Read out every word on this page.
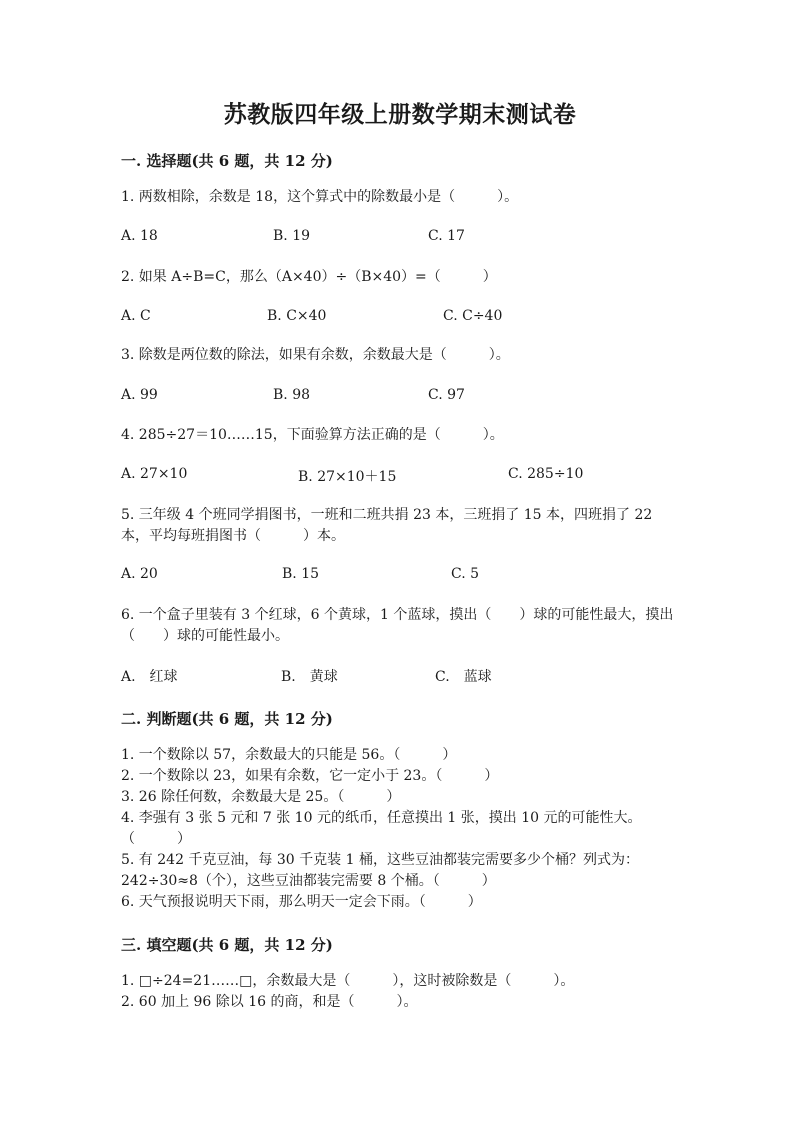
苏教版四年级上册数学期末测试卷
一. 选择题(共 6 题，共 12 分)
1. 两数相除，余数是 18，这个算式中的除数最小是（　　　）。
A. 18	B. 19	C. 17
2. 如果 A÷B=C，那么（A×40）÷（B×40）=（　　　）
A. C	B. C×40	C. C÷40
3. 除数是两位数的除法，如果有余数，余数最大是（　　　）。
A. 99	B. 98	C. 97
4. 285÷27＝10……15，下面验算方法正确的是（　　　）。
A. 27×10	B. 27×10＋15	C. 285÷10
5. 三年级 4 个班同学捐图书，一班和二班共捐 23 本，三班捐了 15 本，四班捐了 22 本，平均每班捐图书（　　　）本。
A. 20	B. 15	C. 5
6. 一个盒子里装有 3 个红球，6 个黄球，1 个蓝球，摸出（　　）球的可能性最大，摸出（　　）球的可能性最小。
A.　红球	B.　黄球	C.　蓝球
二. 判断题(共 6 题，共 12 分)
1. 一个数除以 57，余数最大的只能是 56。（　　　）
2. 一个数除以 23，如果有余数，它一定小于 23。（　　　）
3. 26 除任何数，余数最大是 25。（　　　）
4. 李强有 3 张 5 元和 7 张 10 元的纸币，任意摸出 1 张，摸出 10 元的可能性大。　　（　　　）
5. 有 242 千克豆油，每 30 千克装 1 桶，这些豆油都装完需要多少个桶？列式为：242÷30≈8（个），这些豆油都装完需要 8 个桶。（　　　）
6. 天气预报说明天下雨，那么明天一定会下雨。（　　　）
三. 填空题(共 6 题，共 12 分)
1. □÷24=21……□，余数最大是（　　　），这时被除数是（　　　）。
2. 60 加上 96 除以 16 的商，和是（　　　）。
